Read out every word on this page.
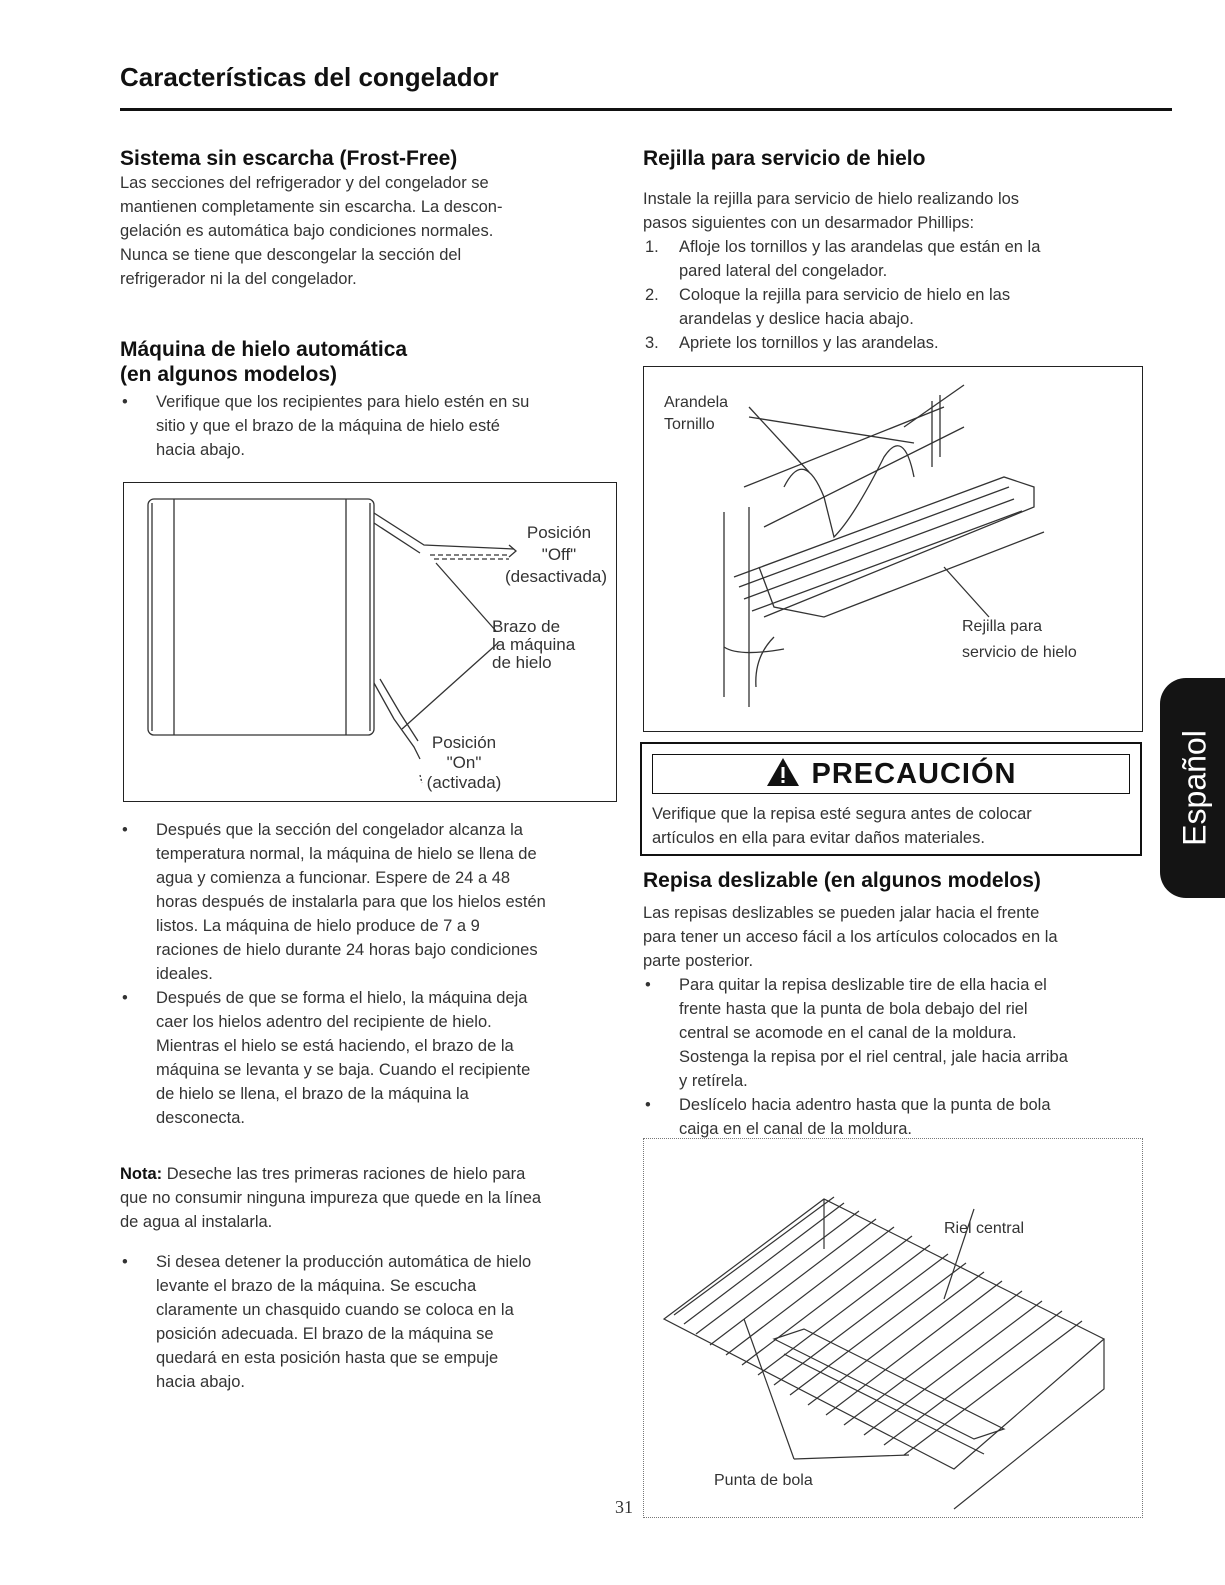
Características del congelador
Sistema sin escarcha (Frost-Free)

Las secciones del refrigerador y del congelador se

mantienen completamente sin escarcha. La descon-

gelación es automática bajo condiciones normales.

Nunca se tiene que descongelar la sección del

refrigerador ni la del congelador.

Máquina de hielo automática
(en algunos modelos)
• Verifique que los recipientes para hielo estén en su
sitio y que el brazo de la máquina de hielo esté
hacia abajo.
Posición
"Off"
(desactivada)
Brazo de
la máquina
de hielo
Posición
"On"
(activada)
• Después que la sección del congelador alcanza la
temperatura normal, la máquina de hielo se llena de
agua y comienza a funcionar. Espere de 24 a 48
horas después de instalarla para que los hielos estén
listos. La máquina de hielo produce de 7 a 9
raciones de hielo durante 24 horas bajo condiciones
ideales.
• Después de que se forma el hielo, la máquina deja
caer los hielos adentro del recipiente de hielo.
Mientras el hielo se está haciendo, el brazo de la
máquina se levanta y se baja. Cuando el recipiente
de hielo se llena, el brazo de la máquina la
desconecta.

Nota: Deseche las tres primeras raciones de hielo para

que no consumir ninguna impureza que quede en la línea

de agua al instalarla.

• Si desea detener la producción automática de hielo
levante el brazo de la máquina. Se escucha
claramente un chasquido cuando se coloca en la
posición adecuada. El brazo de la máquina se
quedará en esta posición hasta que se empuje
hacia abajo.
Rejilla para servicio de hielo

Instale la rejilla para servicio de hielo realizando los

pasos siguientes con un desarmador Phillips:

1. Afloje los tornillos y las arandelas que están en la
pared lateral del congelador.
2. Coloque la rejilla para servicio de hielo en las
arandelas y deslice hacia abajo.
3. Apriete los tornillos y las arandelas.
Arandela
Tornillo
Rejilla para
servicio de hielo
PRECAUCIÓN

Verifique que la repisa esté segura antes de colocar

artículos en ella para evitar daños materiales.

Repisa deslizable (en algunos modelos)

Las repisas deslizables se pueden jalar hacia el frente

para tener un acceso fácil a los artículos colocados en la

parte posterior.

• Para quitar la repisa deslizable tire de ella hacia el
frente hasta que la punta de bola debajo del riel
central se acomode en el canal de la moldura.
Sostenga la repisa por el riel central, jale hacia arriba
y retírela.
• Deslícelo hacia adentro hasta que la punta de bola
caiga en el canal de la moldura.
Riel central
Punta de bola
31
Español
